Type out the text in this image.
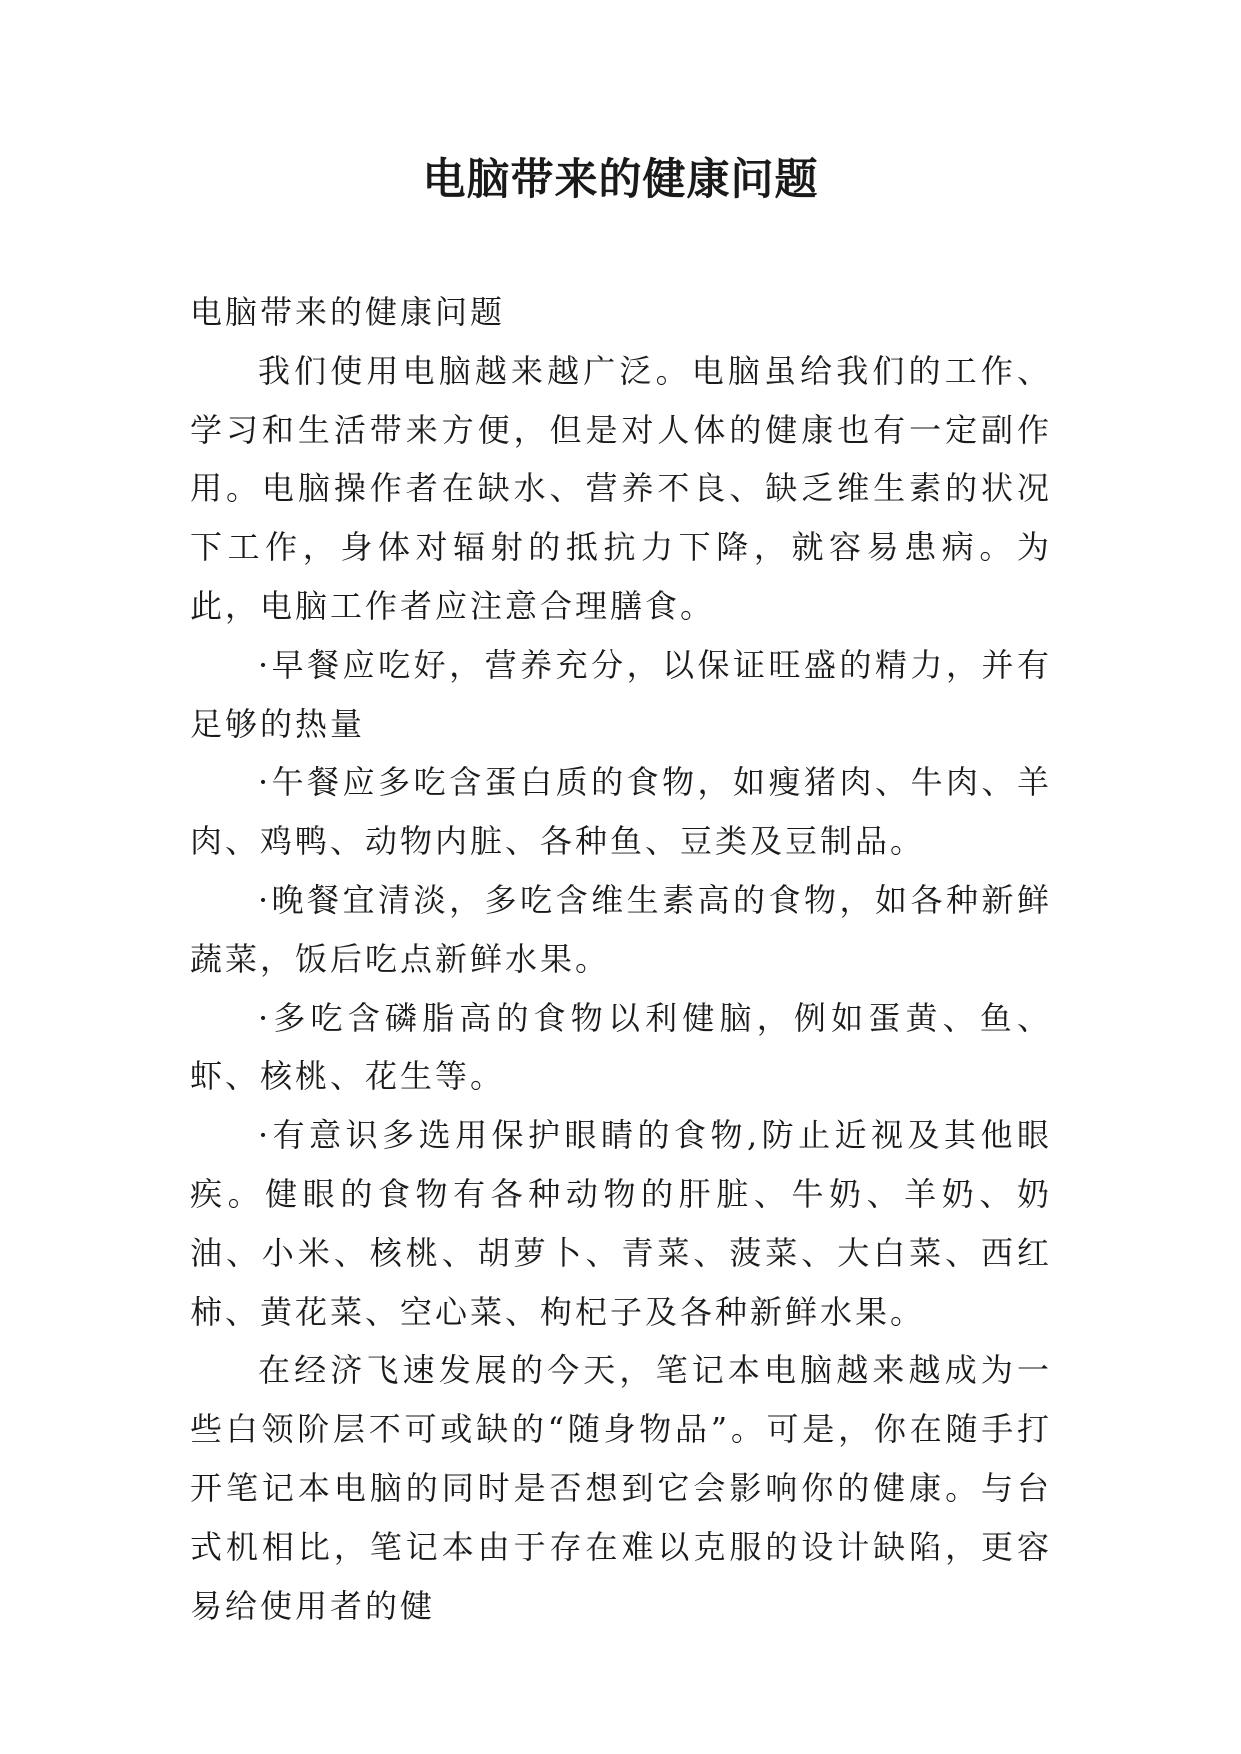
电脑带来的健康问题

电脑带来的健康问题

我们使用电脑越来越广泛。电脑虽给我们的工作、学习和生活带来方便，但是对人体的健康也有一定副作用。电脑操作者在缺水、营养不良、缺乏维生素的状况下工作，身体对辐射的抵抗力下降，就容易患病。为此，电脑工作者应注意合理膳食。

·早餐应吃好，营养充分，以保证旺盛的精力，并有足够的热量

·午餐应多吃含蛋白质的食物，如瘦猪肉、牛肉、羊肉、鸡鸭、动物内脏、各种鱼、豆类及豆制品。

·晚餐宜清淡，多吃含维生素高的食物，如各种新鲜蔬菜，饭后吃点新鲜水果。

·多吃含磷脂高的食物以利健脑，例如蛋黄、鱼、虾、核桃、花生等。

·有意识多选用保护眼睛的食物,防止近视及其他眼疾。健眼的食物有各种动物的肝脏、牛奶、羊奶、奶油、小米、核桃、胡萝卜、青菜、菠菜、大白菜、西红柿、黄花菜、空心菜、枸杞子及各种新鲜水果。

在经济飞速发展的今天，笔记本电脑越来越成为一些白领阶层不可或缺的“随身物品”。可是，你在随手打开笔记本电脑的同时是否想到它会影响你的健康。与台式机相比，笔记本由于存在难以克服的设计缺陷，更容易给使用者的健
